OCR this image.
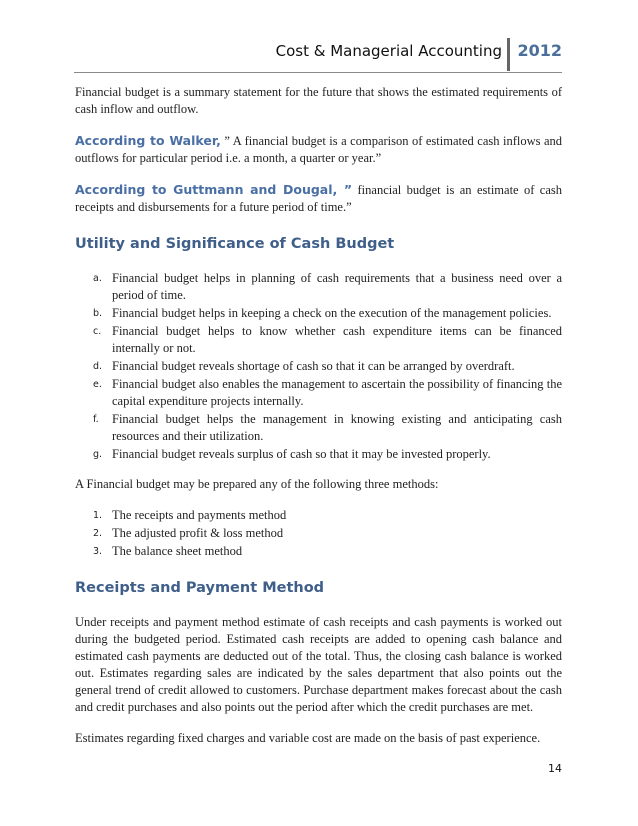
Cost & Managerial Accounting 2012

Financial budget is a summary statement for the future that shows the estimated requirements of cash inflow and outflow.

According to Walker, ” A financial budget is a comparison of estimated cash inflows and outflows for particular period i.e. a month, a quarter or year.”

According to Guttmann and Dougal, ” financial budget is an estimate of cash receipts and disbursements for a future period of time.”

Utility and Significance of Cash Budget
a. Financial budget helps in planning of cash requirements that a business need over a period of time.
b. Financial budget helps in keeping a check on the execution of the management policies.
c. Financial budget helps to know whether cash expenditure items can be financed internally or not.
d. Financial budget reveals shortage of cash so that it can be arranged by overdraft.
e. Financial budget also enables the management to ascertain the possibility of financing the capital expenditure projects internally.
f. Financial budget helps the management in knowing existing and anticipating cash resources and their utilization.
g. Financial budget reveals surplus of cash so that it may be invested properly.

A Financial budget may be prepared any of the following three methods:

1. The receipts and payments method
2. The adjusted profit & loss method
3. The balance sheet method
Receipts and Payment Method

Under receipts and payment method estimate of cash receipts and cash payments is worked out during the budgeted period. Estimated cash receipts are added to opening cash balance and estimated cash payments are deducted out of the total. Thus, the closing cash balance is worked out. Estimates regarding sales are indicated by the sales department that also points out the general trend of credit allowed to customers. Purchase department makes forecast about the cash and credit purchases and also points out the period after which the credit purchases are met.

Estimates regarding fixed charges and variable cost are made on the basis of past experience.

14
